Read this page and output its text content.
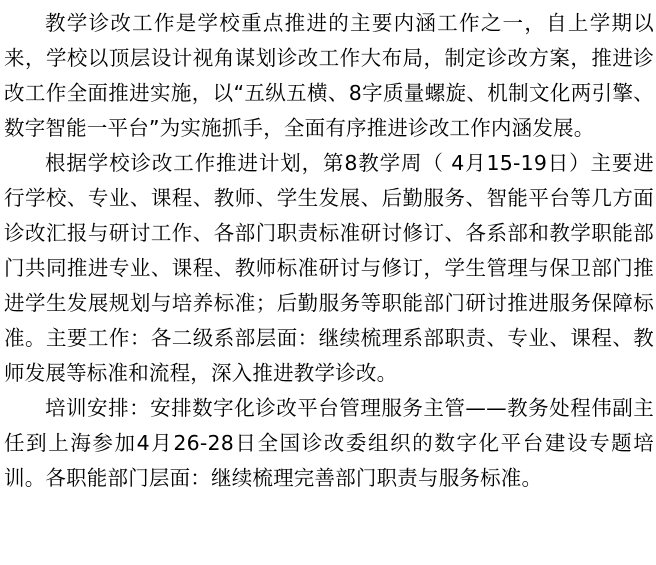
教学诊改工作是学校重点推进的主要内涵工作之一，自上学期以来，学校以顶层设计视角谋划诊改工作大布局，制定诊改方案，推进诊改工作全面推进实施，以“五纵五横、8字质量螺旋、机制文化两引擎、数字智能一平台”为实施抓手，全面有序推进诊改工作内涵发展。

根据学校诊改工作推进计划，第8教学周（ 4月15-19日）主要进行学校、专业、课程、教师、学生发展、后勤服务、智能平台等几方面诊改汇报与研讨工作、各部门职责标准研讨修订、各系部和教学职能部门共同推进专业、课程、教师标准研讨与修订，学生管理与保卫部门推进学生发展规划与培养标准；后勤服务等职能部门研讨推进服务保障标准。主要工作：各二级系部层面：继续梳理系部职责、专业、课程、教师发展等标准和流程，深入推进教学诊改。

培训安排：安排数字化诊改平台管理服务主管——教务处程伟副主任到上海参加4月26-28日全国诊改委组织的数字化平台建设专题培训。各职能部门层面：继续梳理完善部门职责与服务标准。
